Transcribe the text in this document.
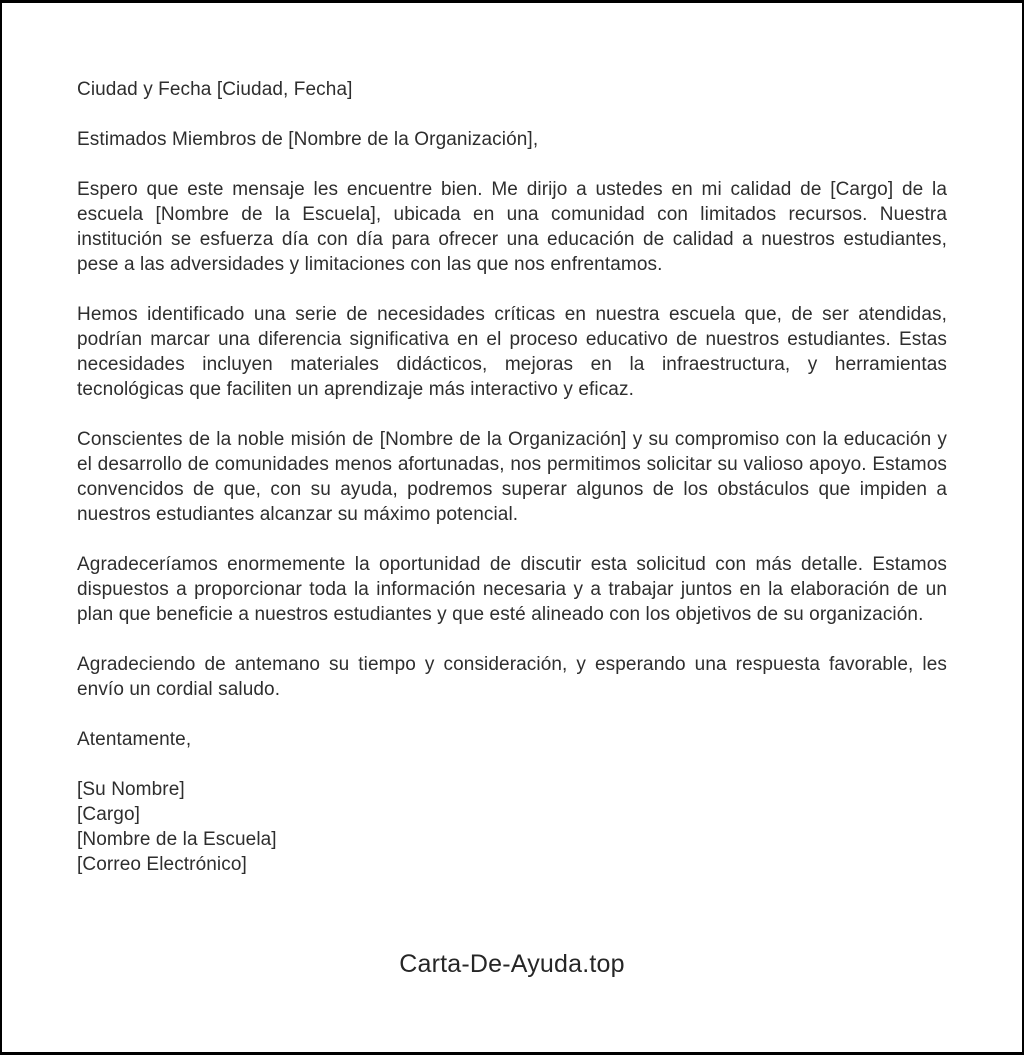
Ciudad y Fecha [Ciudad, Fecha]

Estimados Miembros de [Nombre de la Organización],

Espero que este mensaje les encuentre bien. Me dirijo a ustedes en mi calidad de [Cargo] de la escuela [Nombre de la Escuela], ubicada en una comunidad con limitados recursos. Nuestra institución se esfuerza día con día para ofrecer una educación de calidad a nuestros estudiantes, pese a las adversidades y limitaciones con las que nos enfrentamos.

Hemos identificado una serie de necesidades críticas en nuestra escuela que, de ser atendidas, podrían marcar una diferencia significativa en el proceso educativo de nuestros estudiantes. Estas necesidades incluyen materiales didácticos, mejoras en la infraestructura, y herramientas tecnológicas que faciliten un aprendizaje más interactivo y eficaz.

Conscientes de la noble misión de [Nombre de la Organización] y su compromiso con la educación y el desarrollo de comunidades menos afortunadas, nos permitimos solicitar su valioso apoyo. Estamos convencidos de que, con su ayuda, podremos superar algunos de los obstáculos que impiden a nuestros estudiantes alcanzar su máximo potencial.

Agradeceríamos enormemente la oportunidad de discutir esta solicitud con más detalle. Estamos dispuestos a proporcionar toda la información necesaria y a trabajar juntos en la elaboración de un plan que beneficie a nuestros estudiantes y que esté alineado con los objetivos de su organización.

Agradeciendo de antemano su tiempo y consideración, y esperando una respuesta favorable, les envío un cordial saludo.

Atentamente,

[Su Nombre]
[Cargo]
[Nombre de la Escuela]
[Correo Electrónico]
Carta-De-Ayuda.top
